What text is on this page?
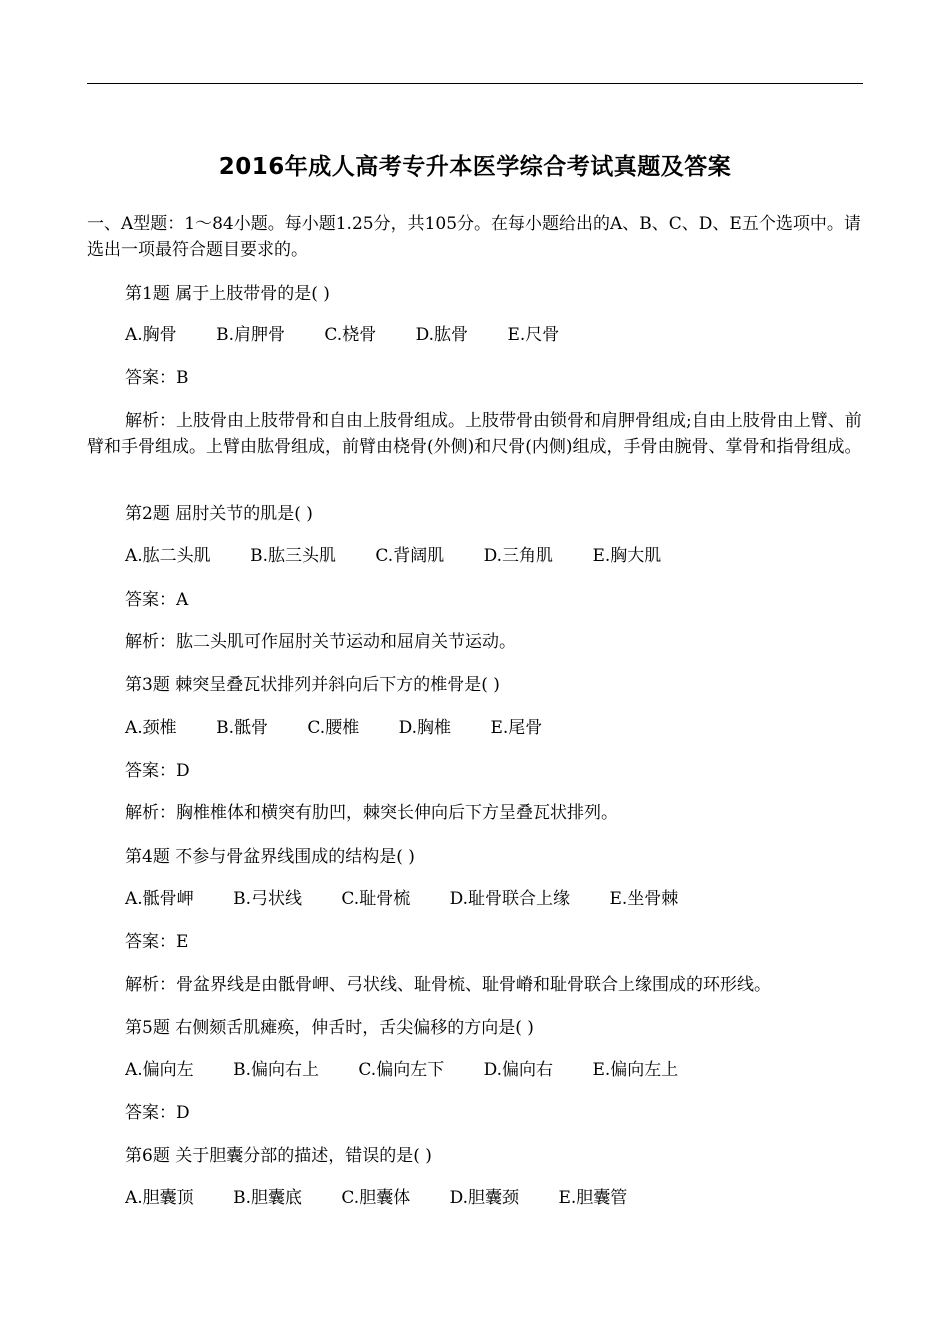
2016年成人高考专升本医学综合考试真题及答案
一、A型题：1～84小题。每小题1.25分，共105分。在每小题给出的A、B、C、D、E五个选项中。请选出一项最符合题目要求的。
第1题 属于上肢带骨的是( )
A.胸骨 B.肩胛骨 C.桡骨 D.肱骨 E.尺骨
答案：B
解析：上肢骨由上肢带骨和自由上肢骨组成。上肢带骨由锁骨和肩胛骨组成;自由上肢骨由上臂、前臂和手骨组成。上臂由肱骨组成，前臂由桡骨(外侧)和尺骨(内侧)组成，手骨由腕骨、掌骨和指骨组成。
第2题 屈肘关节的肌是( )
A.肱二头肌 B.肱三头肌 C.背阔肌 D.三角肌 E.胸大肌
答案：A
解析：肱二头肌可作屈肘关节运动和屈肩关节运动。
第3题 棘突呈叠瓦状排列并斜向后下方的椎骨是( )
A.颈椎 B.骶骨 C.腰椎 D.胸椎 E.尾骨
答案：D
解析：胸椎椎体和横突有肋凹，棘突长伸向后下方呈叠瓦状排列。
第4题 不参与骨盆界线围成的结构是( )
A.骶骨岬 B.弓状线 C.耻骨梳 D.耻骨联合上缘 E.坐骨棘
答案：E
解析：骨盆界线是由骶骨岬、弓状线、耻骨梳、耻骨嵴和耻骨联合上缘围成的环形线。
第5题 右侧颏舌肌瘫痪，伸舌时，舌尖偏移的方向是( )
A.偏向左 B.偏向右上 C.偏向左下 D.偏向右 E.偏向左上
答案：D
第6题 关于胆囊分部的描述，错误的是( )
A.胆囊顶 B.胆囊底 C.胆囊体 D.胆囊颈 E.胆囊管
